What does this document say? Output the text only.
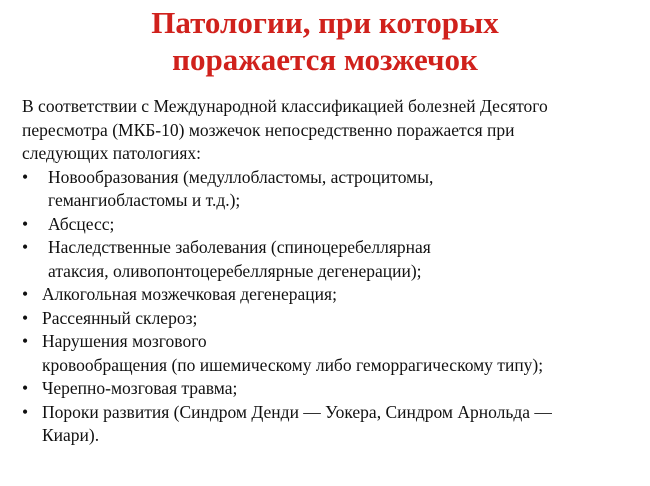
Патологии, при которых
поражается мозжечок

В соответствии с Международной классификацией болезней Десятого
пересмотра (МКБ-10) мозжечок непосредственно поражается при
следующих патологиях:

•	Новообразования (медуллобластомы, астроцитомы,
гемангиобластомы и т.д.);
•	Абсцесс;
•	Наследственные заболевания (спиноцеребеллярная
атаксия, оливопонтоцеребеллярные дегенерации);
• Алкогольная мозжечковая дегенерация;
• Рассеянный склероз;
• Нарушения мозгового
кровообращения (по ишемическому либо геморрагическому типу);
• Черепно-мозговая травма;
• Пороки развития (Синдром Денди — Уокера, Синдром Арнольда —
Киари).
